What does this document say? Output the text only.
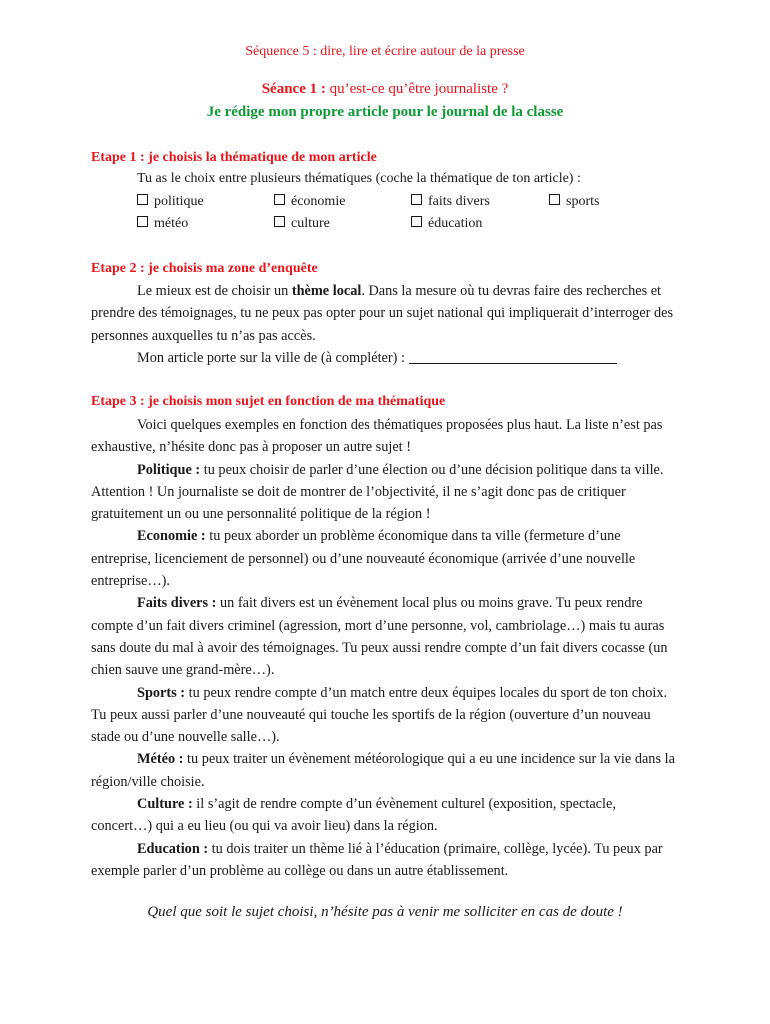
Séquence 5 : dire, lire et écrire autour de la presse
Séance 1 : qu’est-ce qu’être journaliste ?
Je rédige mon propre article pour le journal de la classe
Etape 1 : je choisis la thématique de mon article
Tu as le choix entre plusieurs thématiques (coche la thématique de ton article) :
politique	économie	faits divers	sports
météo	culture	éducation
Etape 2 : je choisis ma zone d’enquête

Le mieux est de choisir un thème local. Dans la mesure où tu devras faire des recherches et prendre des témoignages, tu ne peux pas opter pour un sujet national qui impliquerait d’interroger des personnes auxquelles tu n’as pas accès.

Mon article porte sur la ville de (à compléter) :

Etape 3 : je choisis mon sujet en fonction de ma thématique

Voici quelques exemples en fonction des thématiques proposées plus haut. La liste n’est pas exhaustive, n’hésite donc pas à proposer un autre sujet !

Politique : tu peux choisir de parler d’une élection ou d’une décision politique dans ta ville. Attention ! Un journaliste se doit de montrer de l’objectivité, il ne s’agit donc pas de critiquer gratuitement un ou une personnalité politique de la région !

Economie : tu peux aborder un problème économique dans ta ville (fermeture d’une entreprise, licenciement de personnel) ou d’une nouveauté économique (arrivée d’une nouvelle entreprise…).

Faits divers : un fait divers est un évènement local plus ou moins grave. Tu peux rendre compte d’un fait divers criminel (agression, mort d’une personne, vol, cambriolage…) mais tu auras sans doute du mal à avoir des témoignages. Tu peux aussi rendre compte d’un fait divers cocasse (un chien sauve une grand-mère…).

Sports : tu peux rendre compte d’un match entre deux équipes locales du sport de ton choix. Tu peux aussi parler d’une nouveauté qui touche les sportifs de la région (ouverture d’un nouveau stade ou d’une nouvelle salle…).

Météo : tu peux traiter un évènement météorologique qui a eu une incidence sur la vie dans la région/ville choisie.

Culture : il s’agit de rendre compte d’un évènement culturel (exposition, spectacle, concert…) qui a eu lieu (ou qui va avoir lieu) dans la région.

Education : tu dois traiter un thème lié à l’éducation (primaire, collège, lycée). Tu peux par exemple parler d’un problème au collège ou dans un autre établissement.

Quel que soit le sujet choisi, n’hésite pas à venir me solliciter en cas de doute !
